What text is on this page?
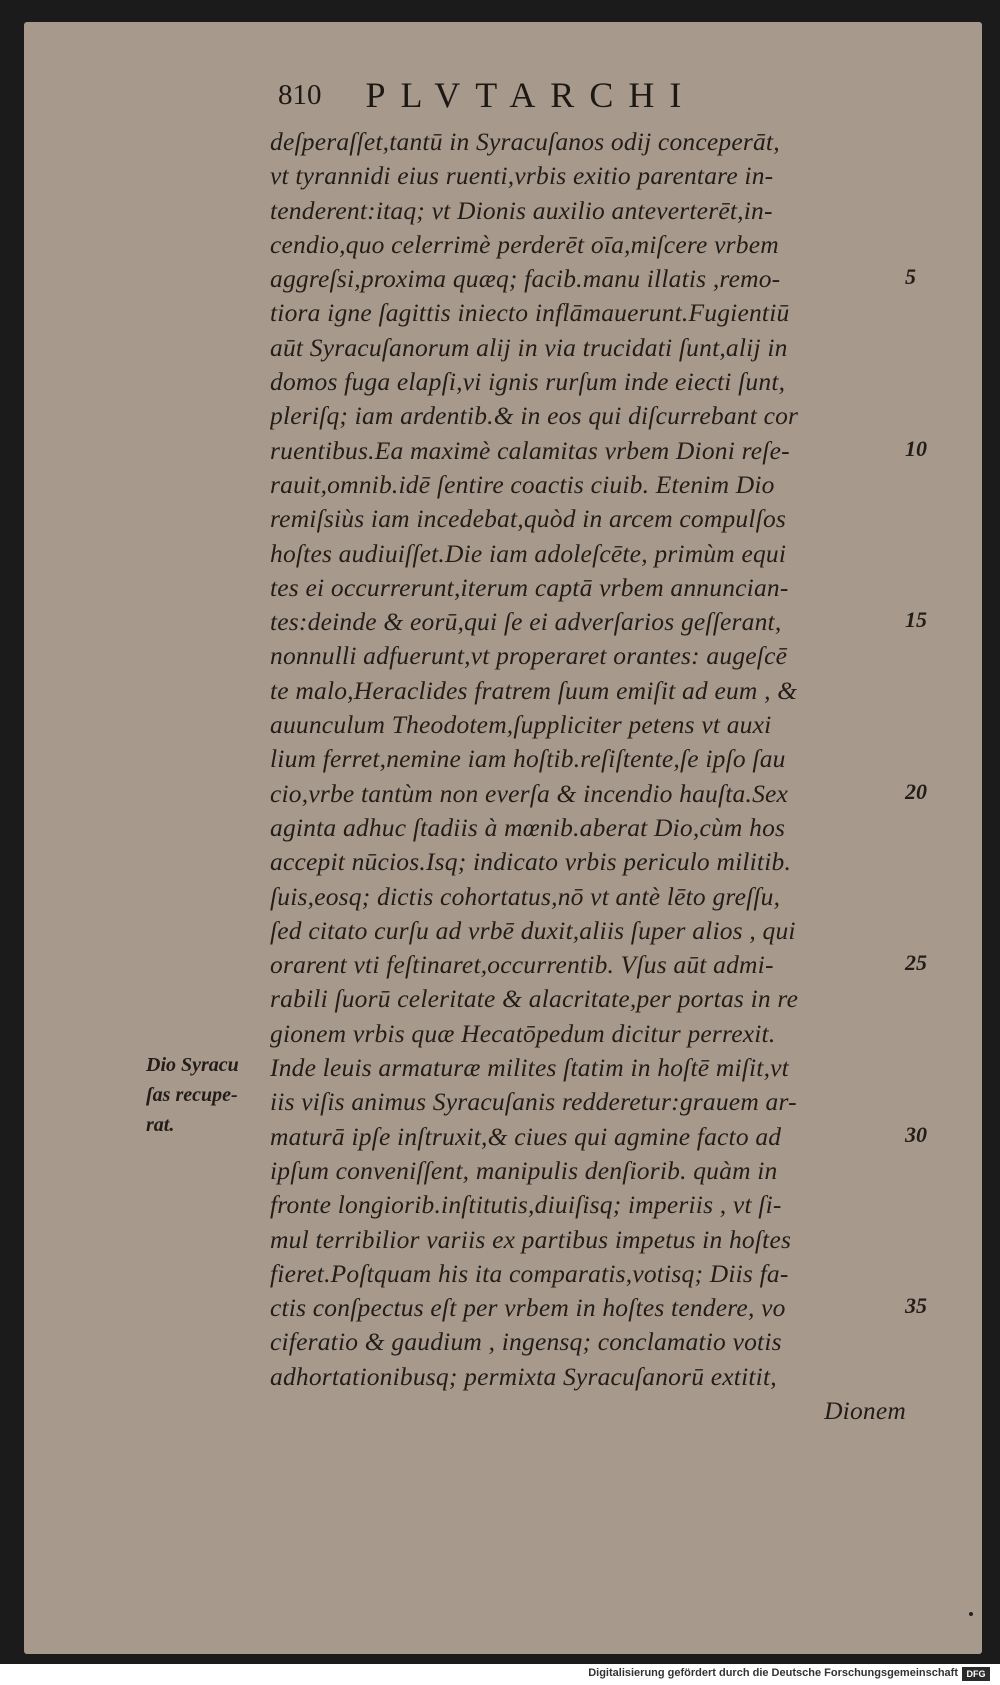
810 PLVTARCHI
deſperaſſet,tantū in Syracuſanos odij conceperāt,
vt tyrannidi eius ruenti,vrbis exitio parentare in-
tenderent:itaq; vt Dionis auxilio anteverterēt,in-
cendio,quo celerrimè perderēt oīa,miſcere vrbem
aggreſsi,proxima quæq; facib.manu illatis ,remo-
tiora igne ſagittis iniecto inflāmauerunt.Fugientiū
aūt Syracuſanorum alij in via trucidati ſunt,alij in
domos fuga elapſi,vi ignis rurſum inde eiecti ſunt,
pleriſq; iam ardentib.& in eos qui diſcurrebant cor
ruentibus.Ea maximè calamitas vrbem Dioni reſe-
rauit,omnib.idē ſentire coactis ciuib. Etenim Dio
remiſsiùs iam incedebat,quòd in arcem compulſos
hoſtes audiuiſſet.Die iam adoleſcēte, primùm equi
tes ei occurrerunt,iterum captā vrbem annuncian-
tes:deinde & eorū,qui ſe ei adverſarios geſſerant,
nonnulli adfuerunt,vt properaret orantes: augeſcē
te malo,Heraclides fratrem ſuum emiſit ad eum , &
auunculum Theodotem,ſuppliciter petens vt auxi
lium ferret,nemine iam hoſtib.reſiſtente,ſe ipſo ſau
cio,vrbe tantùm non everſa & incendio hauſta.Sex
aginta adhuc ſtadiis à mœnib.aberat Dio,cùm hos
accepit nūcios.Isq; indicato vrbis periculo militib.
ſuis,eosq; dictis cohortatus,nō vt antè lēto greſſu,
ſed citato curſu ad vrbē duxit,aliis ſuper alios , qui
orarent vti feſtinaret,occurrentib. Vſus aūt admi-
rabili ſuorū celeritate & alacritate,per portas in re
gionem vrbis quæ Hecatōpedum dicitur perrexit.
Inde leuis armaturæ milites ſtatim in hoſtē miſit,vt
iis viſis animus Syracuſanis redderetur:grauem ar-
maturā ipſe inſtruxit,& ciues qui agmine facto ad
ipſum conveniſſent, manipulis denſiorib. quàm in
fronte longiorib.inſtitutis,diuiſisq; imperiis , vt ſi-
mul terribilior variis ex partibus impetus in hoſtes
fieret.Poſtquam his ita comparatis,votisq; Diis fa-
ctis conſpectus eſt per vrbem in hoſtes tendere, vo
ciferatio & gaudium , ingensq; conclamatio votis
adhortationibusq; permixta Syracuſanorū extitit,
Dionem
5
10
15
20
25
30
35
Dio Syracu
ſas recupe-
rat.
Digitalisierung gefördert durch die Deutsche Forschungsgemeinschaft DFG
